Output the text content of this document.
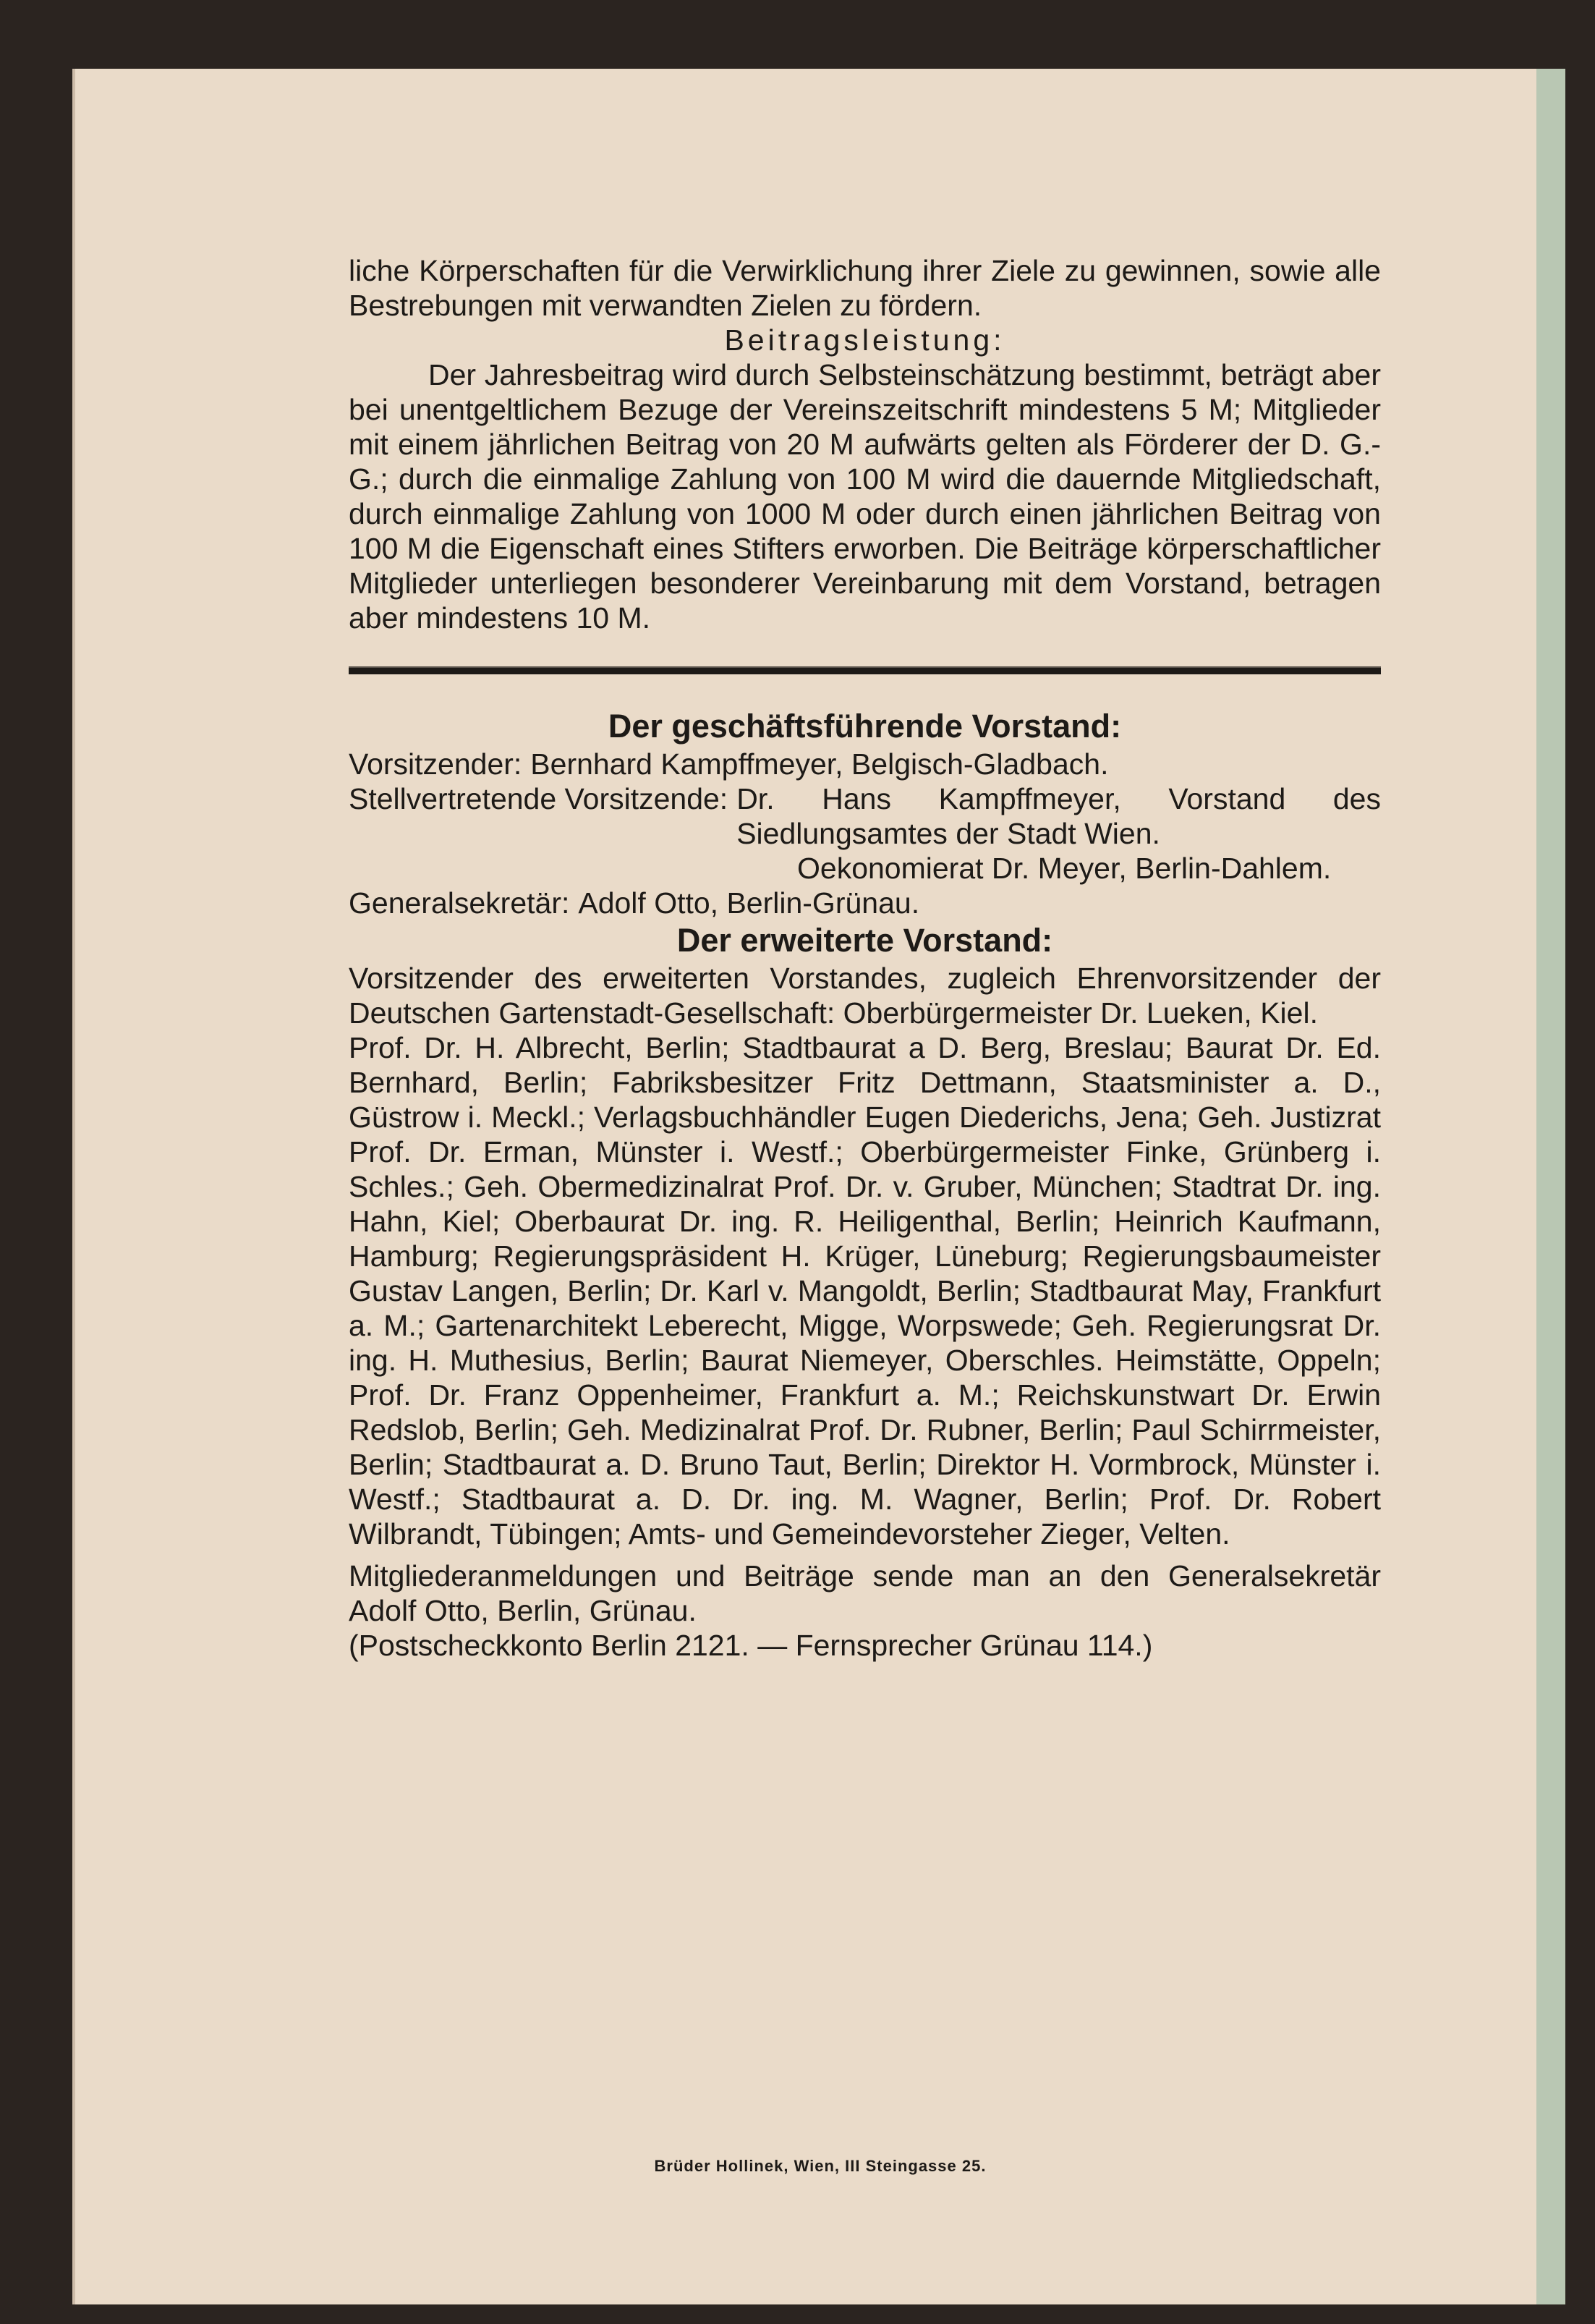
liche Körperschaften für die Verwirklichung ihrer Ziele zu gewinnen, sowie alle Bestrebungen mit verwandten Zielen zu fördern.

Beitragsleistung:

Der Jahresbeitrag wird durch Selbsteinschätzung bestimmt, beträgt aber bei unentgeltlichem Bezuge der Vereinszeitschrift mindestens 5 M; Mitglieder mit einem jährlichen Beitrag von 20 M aufwärts gelten als Förderer der D. G.-G.; durch die einmalige Zahlung von 100 M wird die dauernde Mitgliedschaft, durch einmalige Zahlung von 1000 M oder durch einen jährlichen Beitrag von 100 M die Eigenschaft eines Stifters erworben. Die Beiträge körperschaftlicher Mitglieder unterliegen besonderer Vereinbarung mit dem Vorstand, betragen aber mindestens 10 M.

Der geschäftsführende Vorstand:

Vorsitzender: Bernhard Kampffmeyer, Belgisch-Gladbach.
Stellvertretende Vorsitzende: Dr. Hans Kampffmeyer, Vorstand des Siedlungsamtes der Stadt Wien.

Oekonomierat Dr. Meyer, Berlin-Dahlem.

Generalsekretär: Adolf Otto, Berlin-Grünau.

Der erweiterte Vorstand:

Vorsitzender des erweiterten Vorstandes, zugleich Ehrenvorsitzender der Deutschen Gartenstadt-Gesellschaft: Oberbürgermeister Dr. Lueken, Kiel.

Prof. Dr. H. Albrecht, Berlin; Stadtbaurat a D. Berg, Breslau; Baurat Dr. Ed. Bernhard, Berlin; Fabriksbesitzer Fritz Dettmann, Staatsminister a. D., Güstrow i. Meckl.; Verlagsbuchhändler Eugen Diederichs, Jena; Geh. Justizrat Prof. Dr. Erman, Münster i. Westf.; Oberbürgermeister Finke, Grünberg i. Schles.; Geh. Obermedizinalrat Prof. Dr. v. Gruber, München; Stadtrat Dr. ing. Hahn, Kiel; Oberbaurat Dr. ing. R. Heiligenthal, Berlin; Heinrich Kaufmann, Hamburg; Regierungspräsident H. Krüger, Lüneburg; Regierungsbaumeister Gustav Langen, Berlin; Dr. Karl v. Mangoldt, Berlin; Stadtbaurat May, Frankfurt a. M.; Gartenarchitekt Leberecht, Migge, Worpswede; Geh. Regierungsrat Dr. ing. H. Muthesius, Berlin; Baurat Niemeyer, Oberschles. Heimstätte, Oppeln; Prof. Dr. Franz Oppenheimer, Frankfurt a. M.; Reichskunstwart Dr. Erwin Redslob, Berlin; Geh. Medizinalrat Prof. Dr. Rubner, Berlin; Paul Schirrmeister, Berlin; Stadtbaurat a. D. Bruno Taut, Berlin; Direktor H. Vormbrock, Münster i. Westf.; Stadtbaurat a. D. Dr. ing. M. Wagner, Berlin; Prof. Dr. Robert Wilbrandt, Tübingen; Amts- und Gemeindevorsteher Zieger, Velten.

Mitgliederanmeldungen und Beiträge sende man an den Generalsekretär Adolf Otto, Berlin, Grünau.

(Postscheckkonto Berlin 2121. — Fernsprecher Grünau 114.)

Brüder Hollinek, Wien, III Steingasse 25.
